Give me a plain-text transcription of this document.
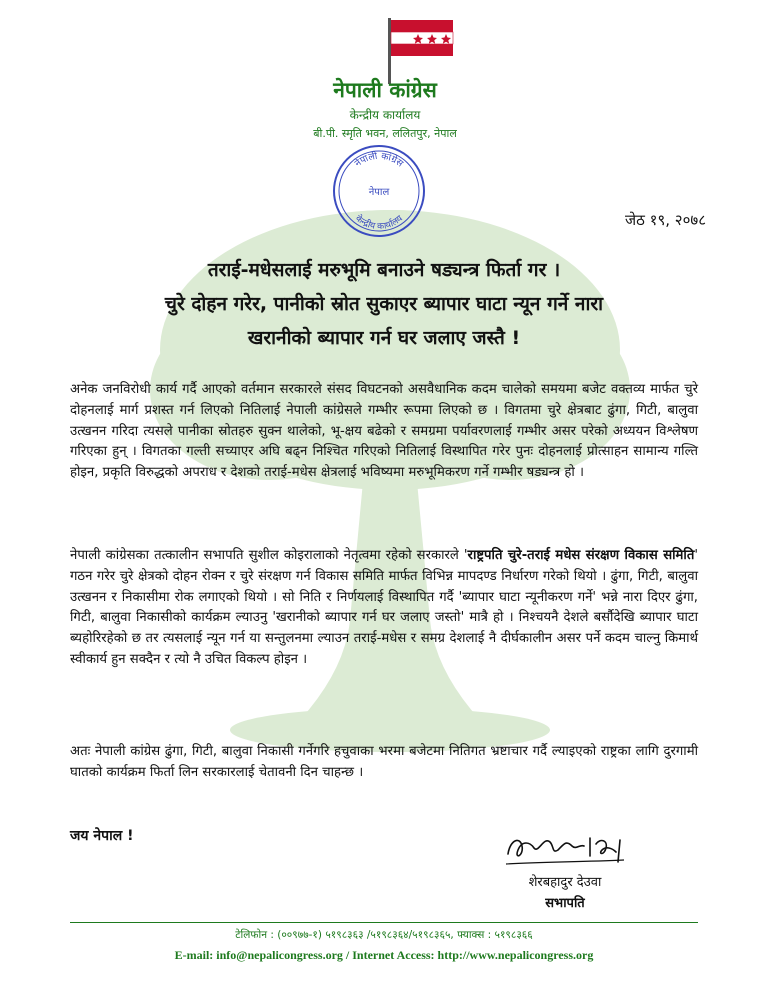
नेपाली कांग्रेस
केन्द्रीय कार्यालय
बी.पी. स्मृति भवन, ललितपुर, नेपाल
नेपाली कांग्रेस
नेपाल
केन्द्रीय कार्यालय	जेठ १९, २०७८
तराई-मधेसलाई मरुभूमि बनाउने षड्यन्त्र फिर्ता गर ।
चुरे दोहन गरेर, पानीको स्रोत सुकाएर ब्यापार घाटा न्यून गर्ने नारा
खरानीको ब्यापार गर्न घर जलाए जस्तै !
अनेक जनविरोधी कार्य गर्दै आएको वर्तमान सरकारले संसद विघटनको असवैधानिक कदम चालेको समयमा बजेट वक्तव्य मार्फत चुरे दोहनलाई मार्ग प्रशस्त गर्न लिएको नितिलाई नेपाली कांग्रेसले गम्भीर रूपमा लिएको छ । विगतमा चुरे क्षेत्रबाट ढुंगा, गिटी, बालुवा उत्खनन गरिदा त्यसले पानीका स्रोतहरु सुक्न थालेको, भू-क्षय बढेको र समग्रमा पर्यावरणलाई गम्भीर असर परेको अध्ययन विश्लेषण गरिएका हुन् । विगतका गल्ती सच्याएर अघि बढ्न निश्चित गरिएको नितिलाई विस्थापित गरेर पुनः दोहनलाई प्रोत्साहन सामान्य गल्ति होइन, प्रकृति विरुद्धको अपराध र देशको तराई-मधेस क्षेत्रलाई भविष्यमा मरुभूमिकरण गर्ने गम्भीर षड्यन्त्र हो ।
नेपाली कांग्रेसका तत्कालीन सभापति सुशील कोइरालाको नेतृत्वमा रहेको सरकारले 'राष्ट्रपति चुरे-तराई मधेस संरक्षण विकास समिति' गठन गरेर चुरे क्षेत्रको दोहन रोक्न र चुरे संरक्षण गर्न विकास समिति मार्फत विभिन्न मापदण्ड निर्धारण गरेको थियो । ढुंगा, गिटी, बालुवा उत्खनन र निकासीमा रोक लगाएको थियो । सो निति र निर्णयलाई विस्थापित गर्दै 'ब्यापार घाटा न्यूनीकरण गर्ने' भन्ने नारा दिएर ढुंगा, गिटी, बालुवा निकासीको कार्यक्रम ल्याउनु 'खरानीको ब्यापार गर्न घर जलाए जस्तो' मात्रै हो । निश्चयनै देशले बर्सौदेखि ब्यापार घाटा ब्यहोरिरहेको छ तर त्यसलाई न्यून गर्न या सन्तुलनमा ल्याउन तराई-मधेस र समग्र देशलाई नै दीर्घकालीन असर पर्ने कदम चाल्नु किमार्थ स्वीकार्य हुन सक्दैन र त्यो नै उचित विकल्प होइन ।
अतः नेपाली कांग्रेस ढुंगा, गिटी, बालुवा निकासी गर्नेगरि हचुवाका भरमा बजेटमा नितिगत भ्रष्टाचार गर्दै ल्याइएको राष्ट्रका लागि दुरगामी घातको कार्यक्रम फिर्ता लिन सरकारलाई चेतावनी दिन चाहन्छ ।
जय नेपाल !
शेरबहादुर देउवा
सभापति
टेलिफोन : (००९७७-१) ५१९८३६३ /५१९८३६४/५१९८३६५, फ्याक्स : ५१९८३६६
E-mail: info@nepalicongress.org / Internet Access: http://www.nepalicongress.org
